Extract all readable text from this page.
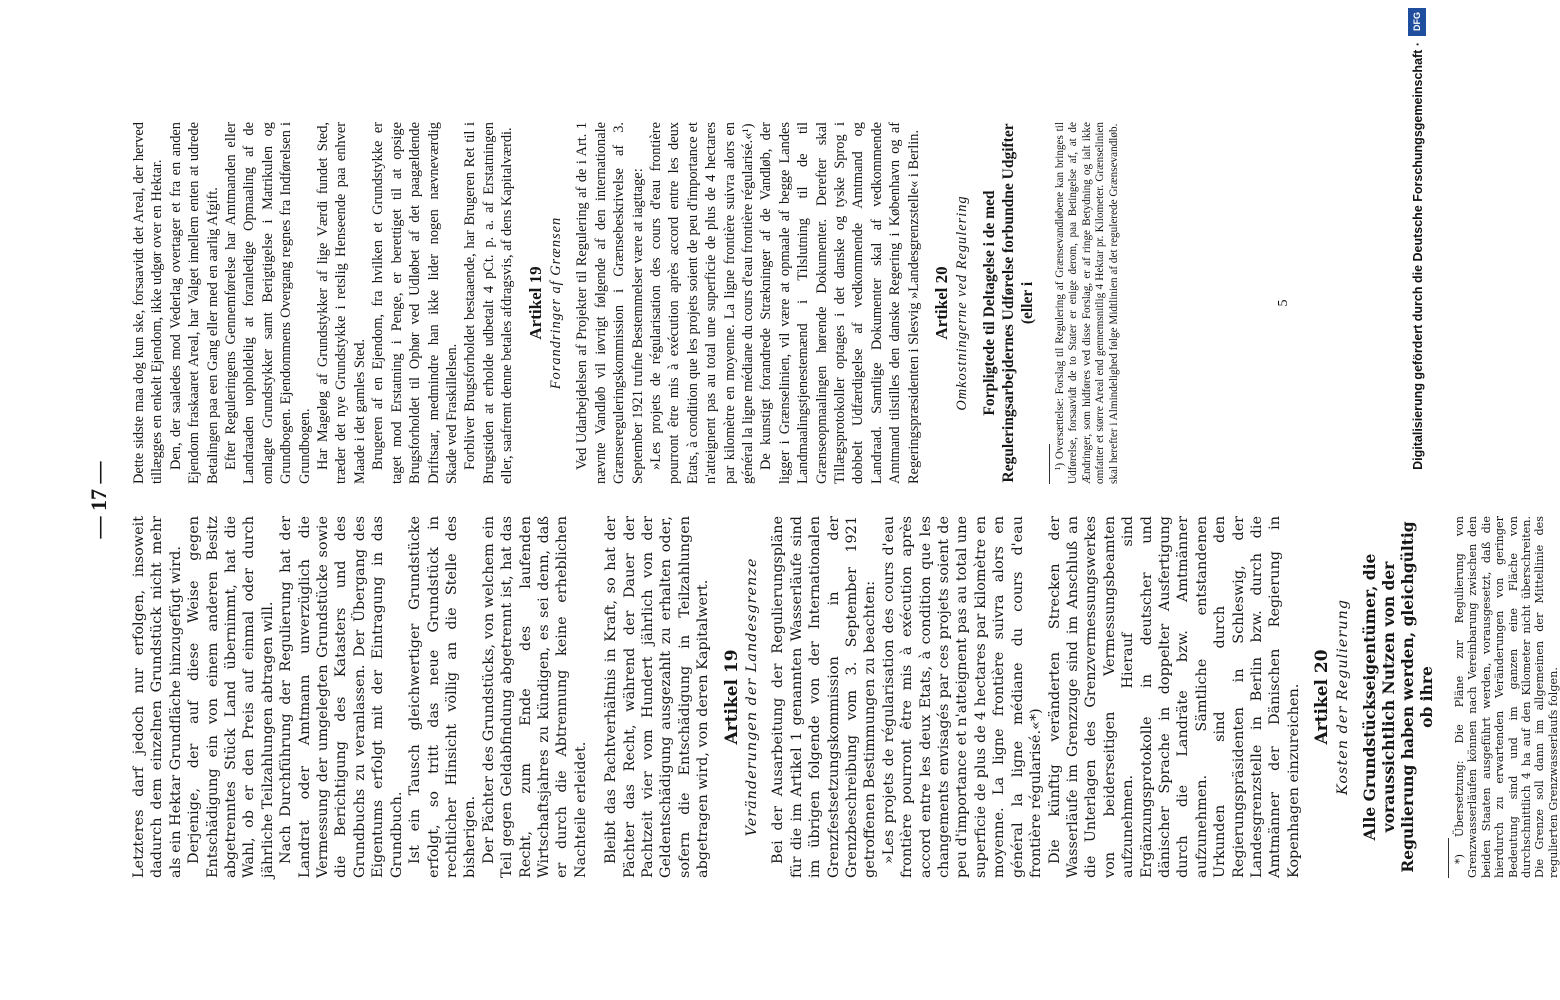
— 17 —

Letzteres darf jedoch nur erfolgen, insoweit dadurch dem einzelnen Grundstück nicht mehr als ein Hektar Grundfläche hinzugefügt wird. Derjenige, der auf diese Weise gegen Entschädigung ein von einem anderen Besitz abgetrenntes Stück Land übernimmt, hat die Wahl, ob er den Preis auf einmal oder durch jährliche Teilzahlungen abtragen will. Nach Durchführung der Regulierung hat der Landrat oder Amtmann unverzüglich die Vermessung der umgelegten Grundstücke sowie die Berichtigung des Katasters und des Grundbuchs zu veranlassen. Der Übergang des Eigentums erfolgt mit der Eintragung in das Grundbuch. Ist ein Tausch gleichwertiger Grundstücke erfolgt, so tritt das neue Grundstück in rechtlicher Hinsicht völlig an die Stelle des bisherigen. Der Pächter des Grundstücks, von welchem ein Teil gegen Geldabfindung abgetrennt ist, hat das Recht, zum Ende des laufenden Wirtschaftsjahres zu kündigen, es sei denn, daß er durch die Abtrennung keine erheblichen Nachteile erleidet. Bleibt das Pachtverhältnis in Kraft, so hat der Pächter das Recht, während der Dauer der Pachtzeit vier vom Hundert jährlich von der Geldentschädigung ausgezahlt zu erhalten oder, sofern die Entschädigung in Teilzahlungen abgetragen wird, von deren Kapitalwert. Artikel 19 Veränderungen der Landesgrenze Bei der Ausarbeitung der Regulierungspläne für die im Artikel 1 genannten Wasserläufe sind im übrigen folgende von der Internationalen Grenzfestsetzungskommission in der Grenzbeschreibung vom 3. September 1921 getroffenen Bestimmungen zu beachten: »Les projets de régularisation des cours d'eau frontière pourront être mis à exécution après accord entre les deux Etats, à condition que les changements envisagés par ces projets soient de peu d'importance et n'atteignent pas au total une superficie de plus de 4 hectares par kilomètre en moyenne. La ligne frontière suivra alors en général la ligne médiane du cours d'eau frontière régularisé.«*) Die künftig veränderten Strecken der Wasserläufe im Grenzzuge sind im Anschluß an die Unterlagen des Grenzvermessungswerkes von beiderseitigen Vermessungsbeamten aufzunehmen. Hierauf sind Ergänzungsprotokolle in deutscher und dänischer Sprache in doppelter Ausfertigung durch die Landräte bzw. Amtmänner aufzunehmen. Sämtliche entstandenen Urkunden sind durch den Regierungspräsidenten in Schleswig, der Landesgrenzstelle in Berlin bzw. durch die Amtmänner der Dänischen Regierung in Kopenhagen einzureichen. Artikel 20 Kosten der Regulierung Alle Grundstückseigentümer, die voraussichtlich Nutzen von der Regulierung haben werden, gleichgültig ob ihre *) Übersetzung: Die Pläne zur Regulierung von Grenzwasserläufen können nach Vereinbarung zwischen den beiden Staaten ausgeführt werden, vorausgesetzt, daß die hierdurch zu erwartenden Veränderungen von geringer Bedeutung sind und im ganzen eine Fläche von durchschnittlich 4 ha auf den Kilometer nicht überschreiten. Die Grenze soll dann im allgemeinen der Mittellinie des regulierten Grenzwasserlaufs folgen.

Dette sidste maa dog kun ske, forsaavidt det Areal, der herved tillægges en enkelt Ejendom, ikke udgør over en Hektar. Den, der saaledes mod Vederlag overtager et fra en anden Ejendom fraskaaret Areal, har Valget imellem enten at udrede Betalingen paa een Gang eller med en aarlig Afgift. Efter Reguleringens Gennemførelse har Amtmanden eller Landraaden uopholdelig at foranledige Opmaaling af de omlagte Grundstykker samt Berigtigelse i Matrikulen og Grundbogen. Ejendommens Overgang regnes fra Indførelsen i Grundbogen. Har Mageløg af Grundstykker af lige Værdi fundet Sted, træder det nye Grundstykke i retslig Henseende paa enhver Maade i det gamles Sted. Brugeren af en Ejendom, fra hvilken et Grundstykke er taget mod Erstatning i Penge, er berettiget til at opsige Brugsforholdet til Ophør ved Udløbet af det paagældende Driftsaar, medmindre han ikke lider nogen nævneværdig Skade ved Fraskillelsen. Forbliver Brugsforholdet bestaaende, har Brugeren Ret til i Brugstiden at erholde udbetalt 4 pCt. p. a. af Erstatningen eller, saafremt denne betales afdragsvis, af dens Kapitalværdi. Artikel 19 Forandringer af Grænsen Ved Udarbejdelsen af Projekter til Regulering af de i Art. 1 nævnte Vandløb vil iøvrigt følgende af den internationale Grænsereguleringskommission i Grænsebeskrivelse af 3. September 1921 trufne Bestemmelser være at iagttage: »Les projets de régularisation des cours d'eau frontière pourront être mis à exécution après accord entre les deux Etats, à condition que les projets soient de peu d'importance et n'atteignent pas au total une superficie de plus de 4 hectares par kilomètre en moyenne. La ligne frontière suivra alors en général la ligne médiane du cours d'eau frontière régularisé.«¹) De kunstigt forandrede Strækninger af de Vandløb, der ligger i Grænselinien, vil være at opmaale af begge Landes Landmaalingstjenestemænd i Tilslutning til de til Grænseopmaalingen hørende Dokumenter. Derefter skal Tillægsprotokoller optages i det danske og tyske Sprog i dobbelt Udfærdigelse af vedkommende Amtmand og Landraad. Samtlige Dokumenter skal af vedkommende Amtmand tilstilles den danske Regering i København og af Regeringspræsidenten i Slesvig »Landesgrenzstelle« i Berlin. Artikel 20 Omkostningerne ved Regulering Forpligtede til Deltagelse i de med Reguleringsarbejdernes Udførelse forbundne Udgifter (eller i ¹) Oversættelse: Forslag til Regulering af Grænsevandløbene kan bringes til Udførelse, forsaavidt de to Stater er enige derom, paa Betingelse af, at de Ændringer, som hidføres ved disse Forslag, er af ringe Betydning og ialt ikke omfatter et større Areal end gennemsnitlig 4 Hektar pr. Kilometer. Grænselinien skal herefter i Almindelighed følge Midtlinien af det regulerede Grænsevandløb.	5
DFG
Digitalisierung gefördert durch die Deutsche Forschungsgemeinschaft ·
